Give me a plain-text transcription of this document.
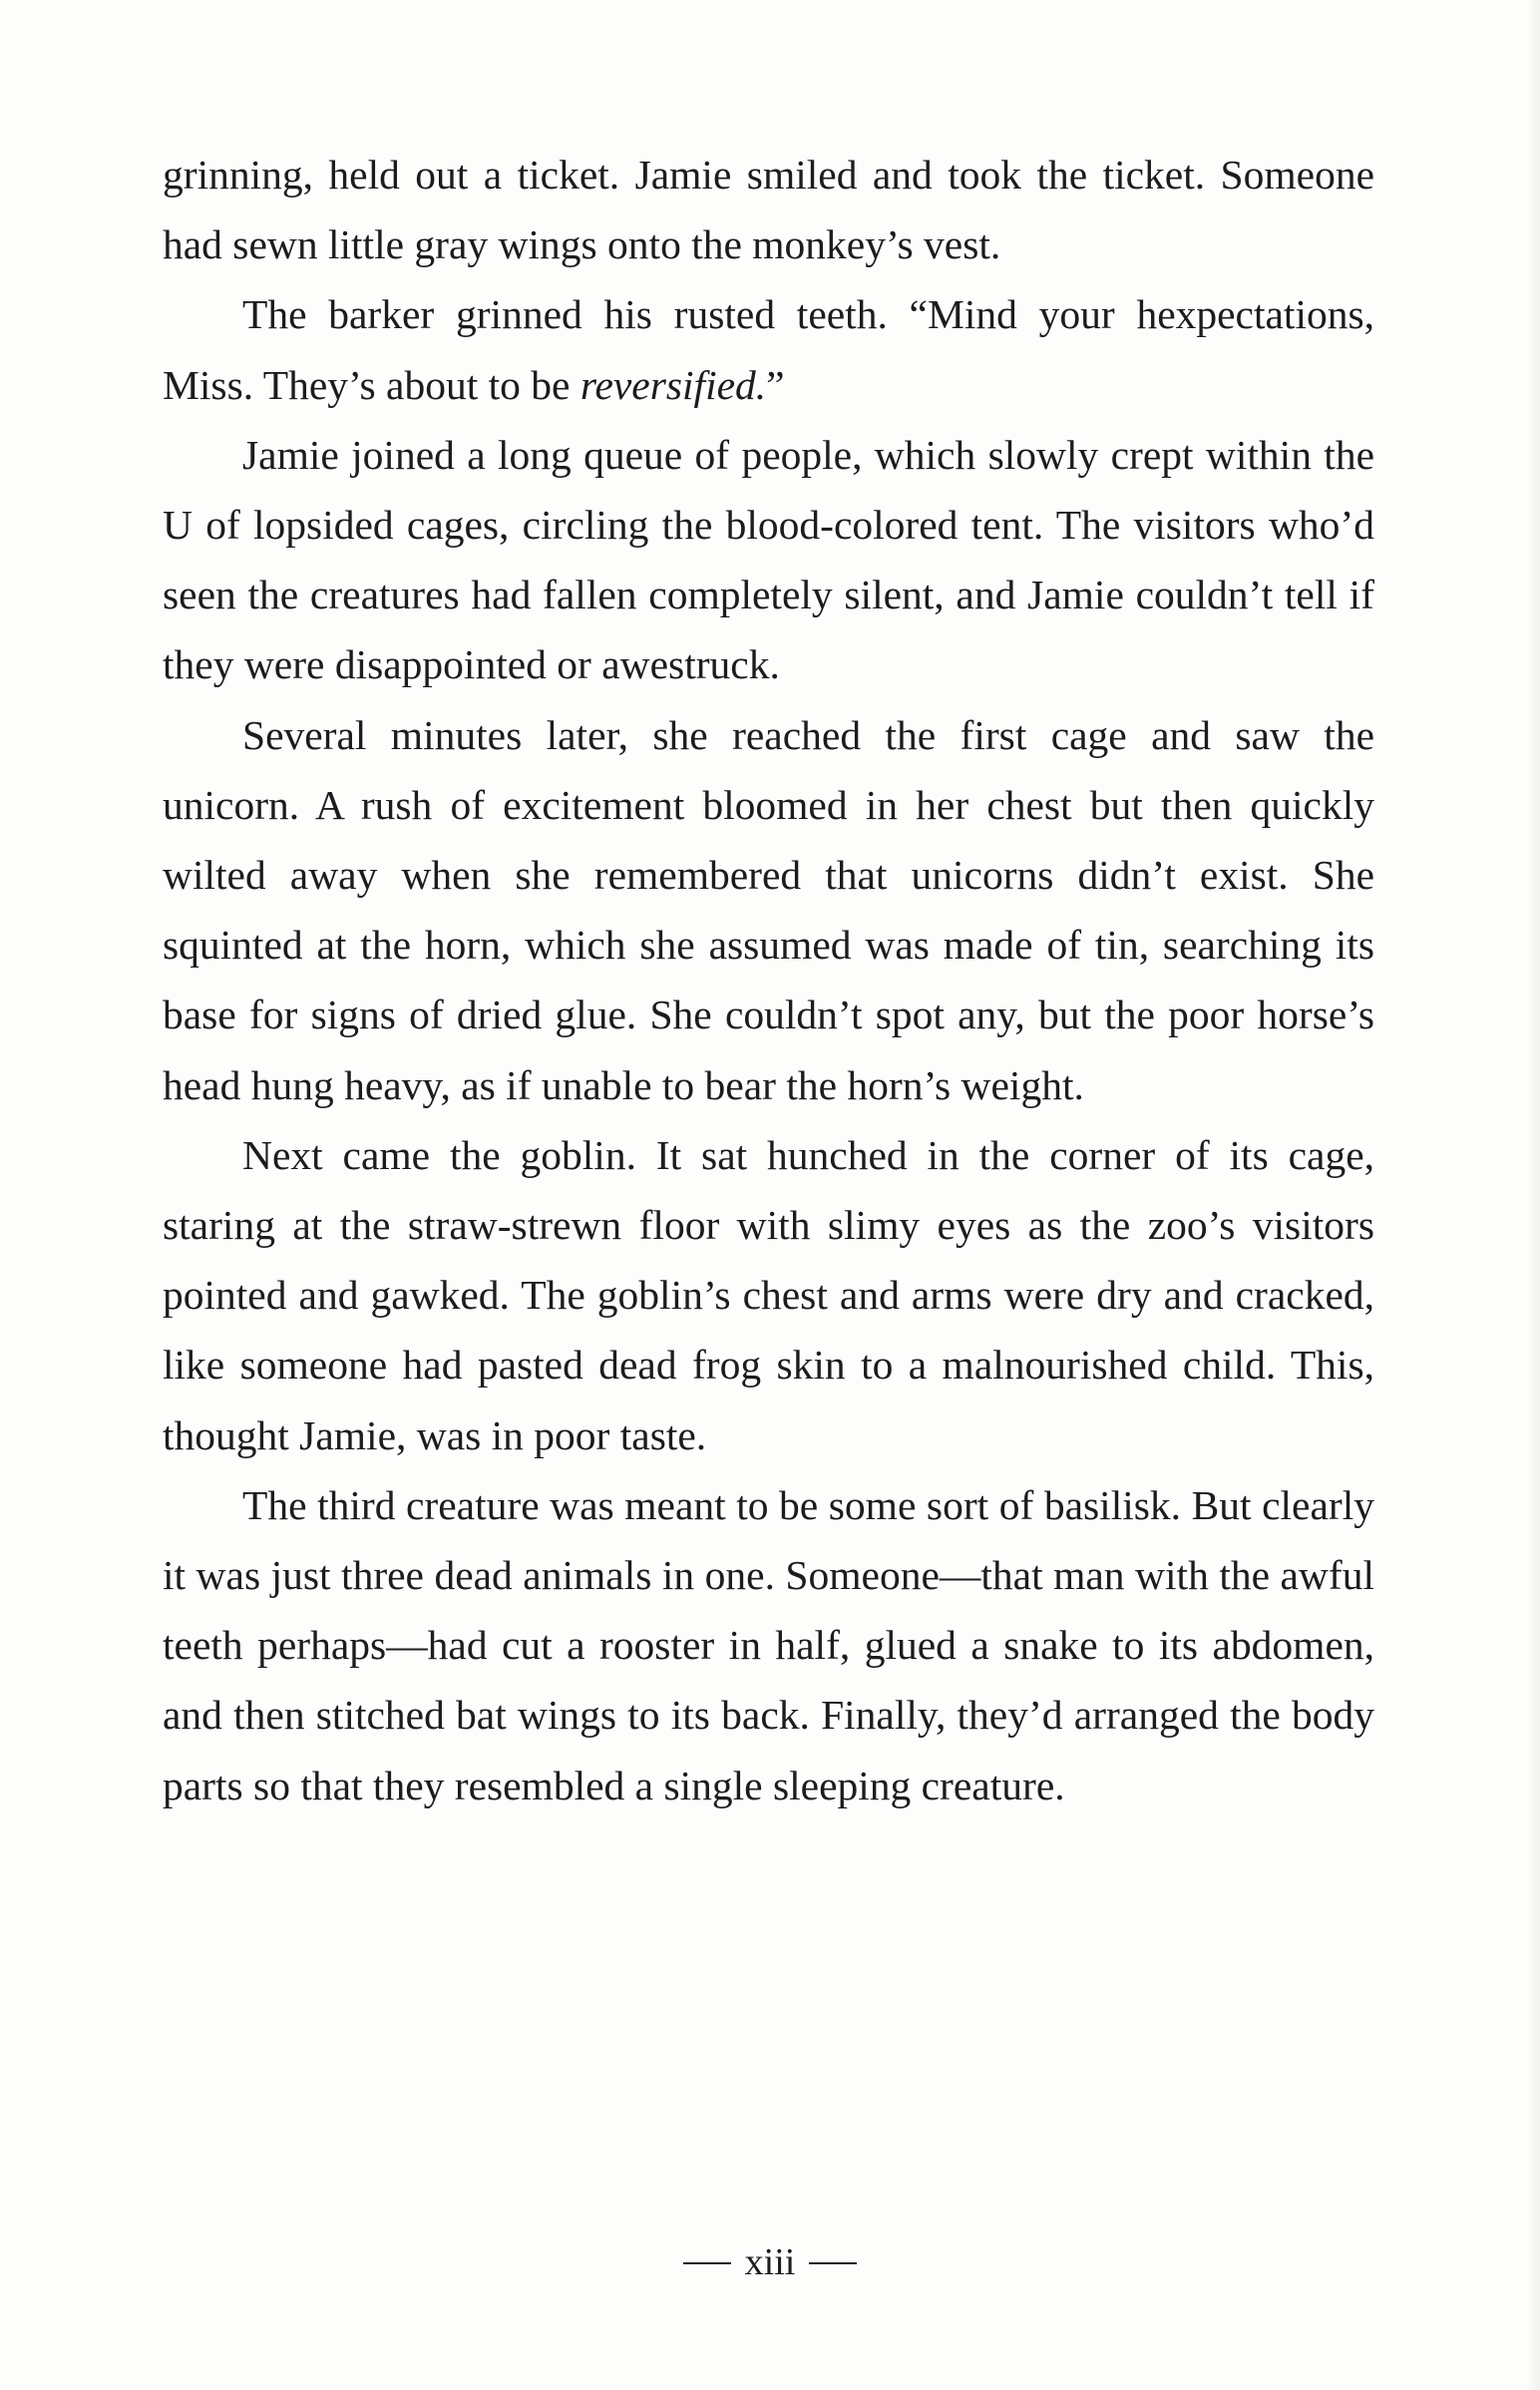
grinning, held out a ticket. Jamie smiled and took the ticket. Someone had sewn little gray wings onto the monkey’s vest.

The barker grinned his rusted teeth. “Mind your hexpectations, Miss. They’s about to be reversified.”

Jamie joined a long queue of people, which slowly crept within the U of lopsided cages, circling the blood-colored tent. The visitors who’d seen the creatures had fallen completely silent, and Jamie couldn’t tell if they were disappointed or awestruck.

Several minutes later, she reached the first cage and saw the unicorn. A rush of excitement bloomed in her chest but then quickly wilted away when she remembered that unicorns didn’t exist. She squinted at the horn, which she assumed was made of tin, searching its base for signs of dried glue. She couldn’t spot any, but the poor horse’s head hung heavy, as if unable to bear the horn’s weight.

Next came the goblin. It sat hunched in the corner of its cage, staring at the straw-strewn floor with slimy eyes as the zoo’s visitors pointed and gawked. The goblin’s chest and arms were dry and cracked, like someone had pasted dead frog skin to a malnourished child. This, thought Jamie, was in poor taste.

The third creature was meant to be some sort of basilisk. But clearly it was just three dead animals in one. Someone—that man with the awful teeth perhaps—had cut a rooster in half, glued a snake to its abdomen, and then stitched bat wings to its back. Finally, they’d arranged the body parts so that they resembled a single sleeping creature.

xiii
